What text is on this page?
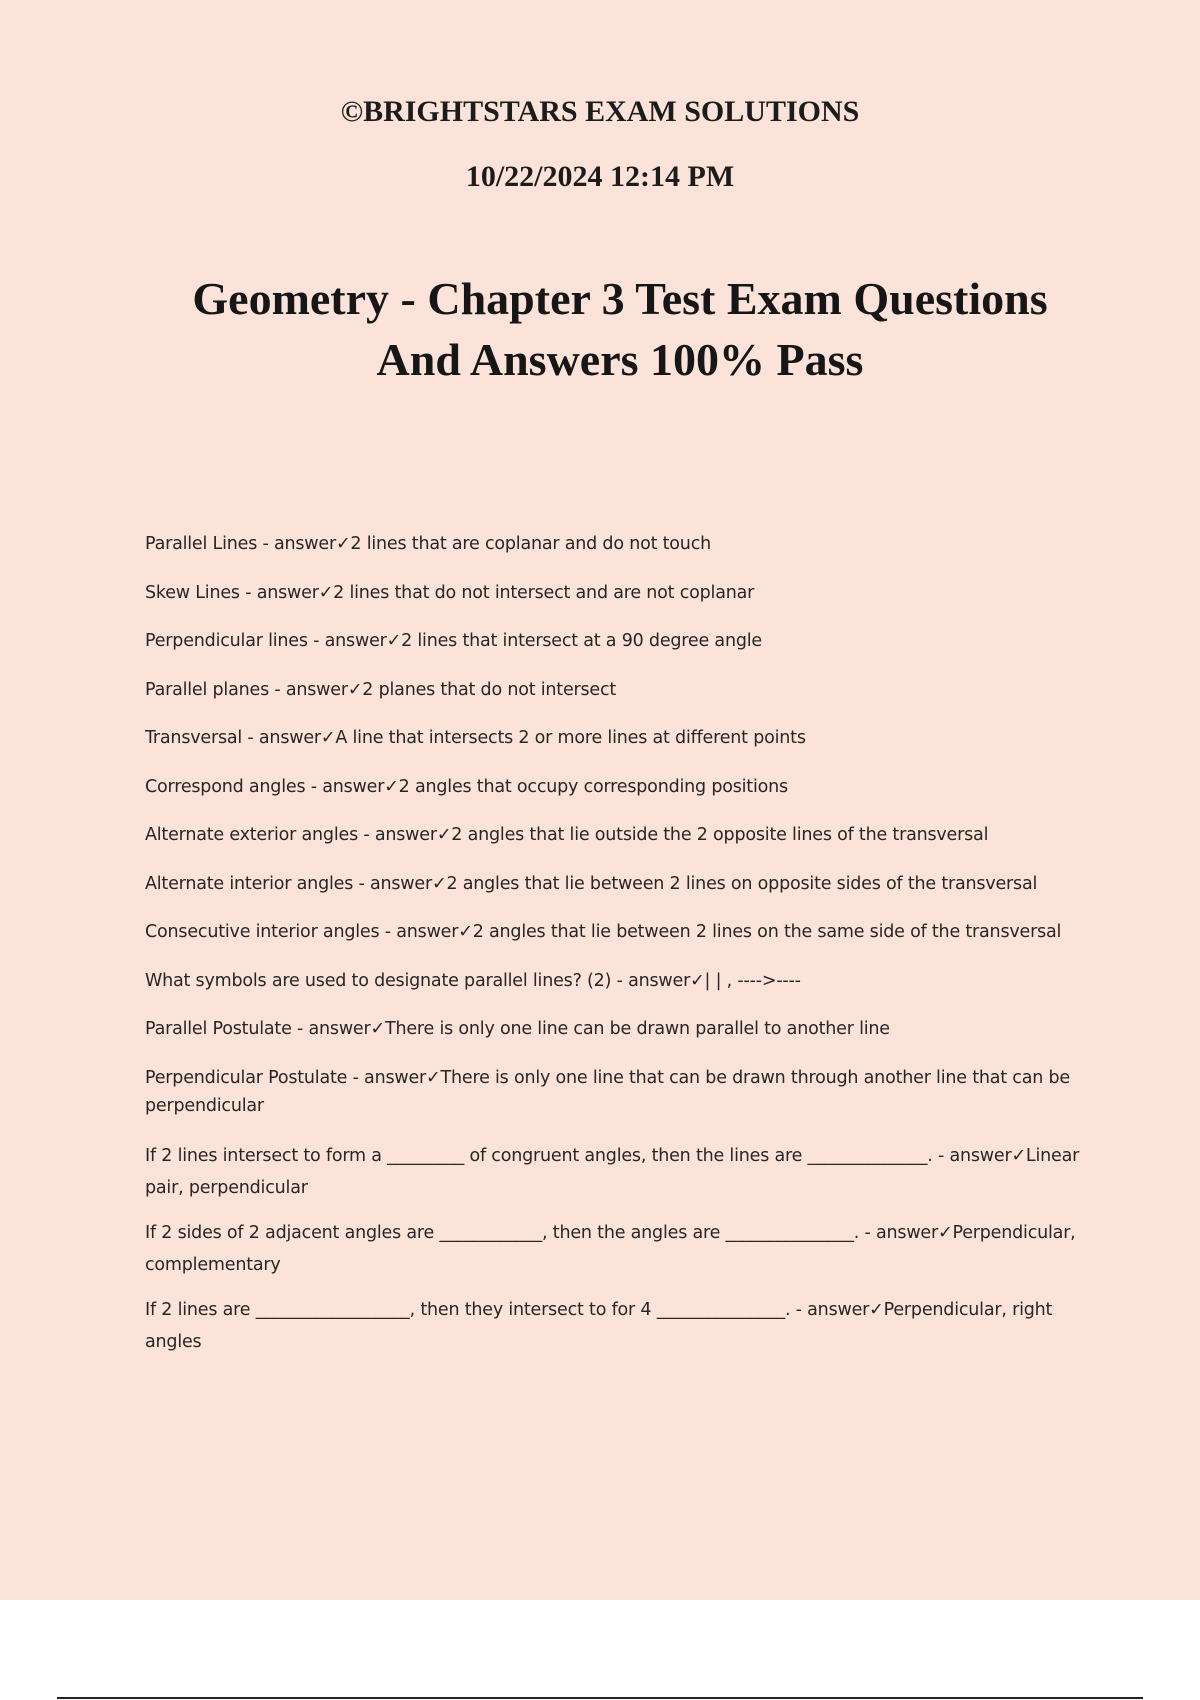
©BRIGHTSTARS EXAM SOLUTIONS
10/22/2024 12:14 PM
Geometry - Chapter 3 Test Exam Questions
And Answers 100% Pass
Parallel Lines - answer✓2 lines that are coplanar and do not touch
Skew Lines - answer✓2 lines that do not intersect and are not coplanar
Perpendicular lines - answer✓2 lines that intersect at a 90 degree angle
Parallel planes - answer✓2 planes that do not intersect
Transversal - answer✓A line that intersects 2 or more lines at different points
Correspond angles - answer✓2 angles that occupy corresponding positions
Alternate exterior angles - answer✓2 angles that lie outside the 2 opposite lines of the transversal
Alternate interior angles - answer✓2 angles that lie between 2 lines on opposite sides of the transversal
Consecutive interior angles - answer✓2 angles that lie between 2 lines on the same side of the transversal
What symbols are used to designate parallel lines? (2) - answer✓| | , ---->----
Parallel Postulate - answer✓There is only one line can be drawn parallel to another line
Perpendicular Postulate - answer✓There is only one line that can be drawn through another line that can be perpendicular
If 2 lines intersect to form a _________ of congruent angles, then the lines are ______________. - answer✓Linear pair, perpendicular
If 2 sides of 2 adjacent angles are ____________, then the angles are _______________. - answer✓Perpendicular, complementary
If 2 lines are __________________, then they intersect to for 4 _______________. - answer✓Perpendicular, right angles
